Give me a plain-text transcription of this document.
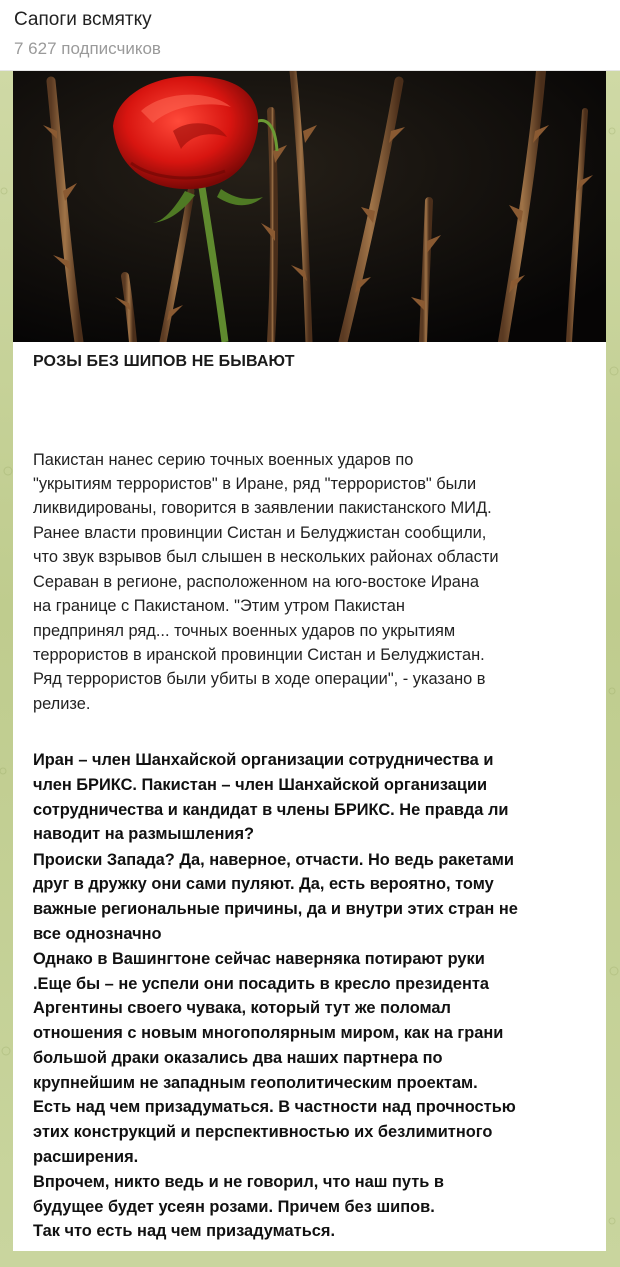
Сапоги всмятку
7 627 подписчиков
РОЗЫ БЕЗ ШИПОВ НЕ БЫВАЮТ
Пакистан нанес серию точных военных ударов по
"укрытиям террористов" в Иране, ряд "террористов" были
ликвидированы, говорится в заявлении пакистанского МИД.
Ранее власти провинции Систан и Белуджистан сообщили,
что звук взрывов был слышен в нескольких районах области
Сераван в регионе, расположенном на юго-востоке Ирана
на границе с Пакистаном. "Этим утром Пакистан
предпринял ряд... точных военных ударов по укрытиям
террористов в иранской провинции Систан и Белуджистан.
Ряд террористов были убиты в ходе операции", - указано в
релизе.
Иран – член Шанхайской организации сотрудничества и
член БРИКС. Пакистан – член Шанхайской организации
сотрудничества и кандидат в члены БРИКС. Не правда ли
наводит на размышления?
Происки Запада? Да, наверное, отчасти. Но ведь ракетами
друг в дружку они сами пуляют. Да, есть вероятно, тому
важные региональные причины, да и внутри этих стран не
все однозначно
Однако в Вашингтоне сейчас наверняка потирают руки
.Еще бы – не успели они посадить в кресло президента
Аргентины своего чувака, который тут же поломал
отношения с новым многополярным миром, как на грани
большой драки оказались два наших партнера по
крупнейшим не западным геополитическим проектам.
Есть над чем призадуматься. В частности над прочностью
этих конструкций и перспективностью их безлимитного
расширения.
Впрочем, никто ведь и не говорил, что наш путь в
будущее будет усеян розами. Причем без шипов.
Так что есть над чем призадуматься.
